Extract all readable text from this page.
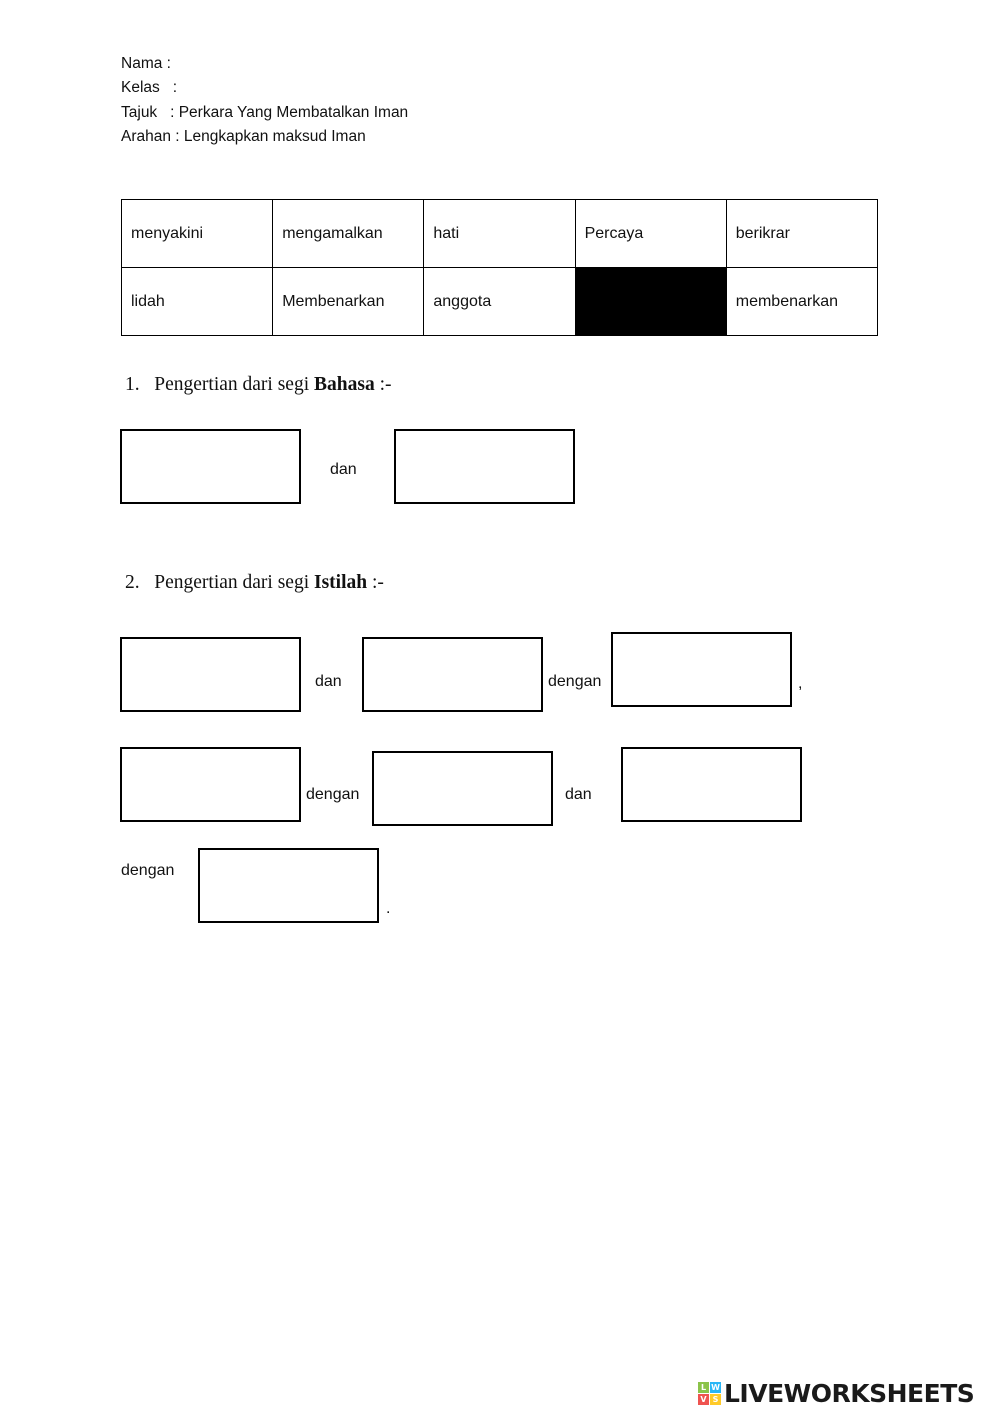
Nama :
Kelas   :
Tajuk   : Perkara Yang Membatalkan Iman
Arahan : Lengkapkan maksud Iman
menyakini	mengamalkan	hati	Percaya	berikrar
lidah	Membenarkan	anggota		membenarkan
1. Pengertian dari segi Bahasa :-
dan
2. Pengertian dari segi Istilah :-
dan	dengan	,
dengan	dan
dengan
.
L W
V S LIVEWORKSHEETS
